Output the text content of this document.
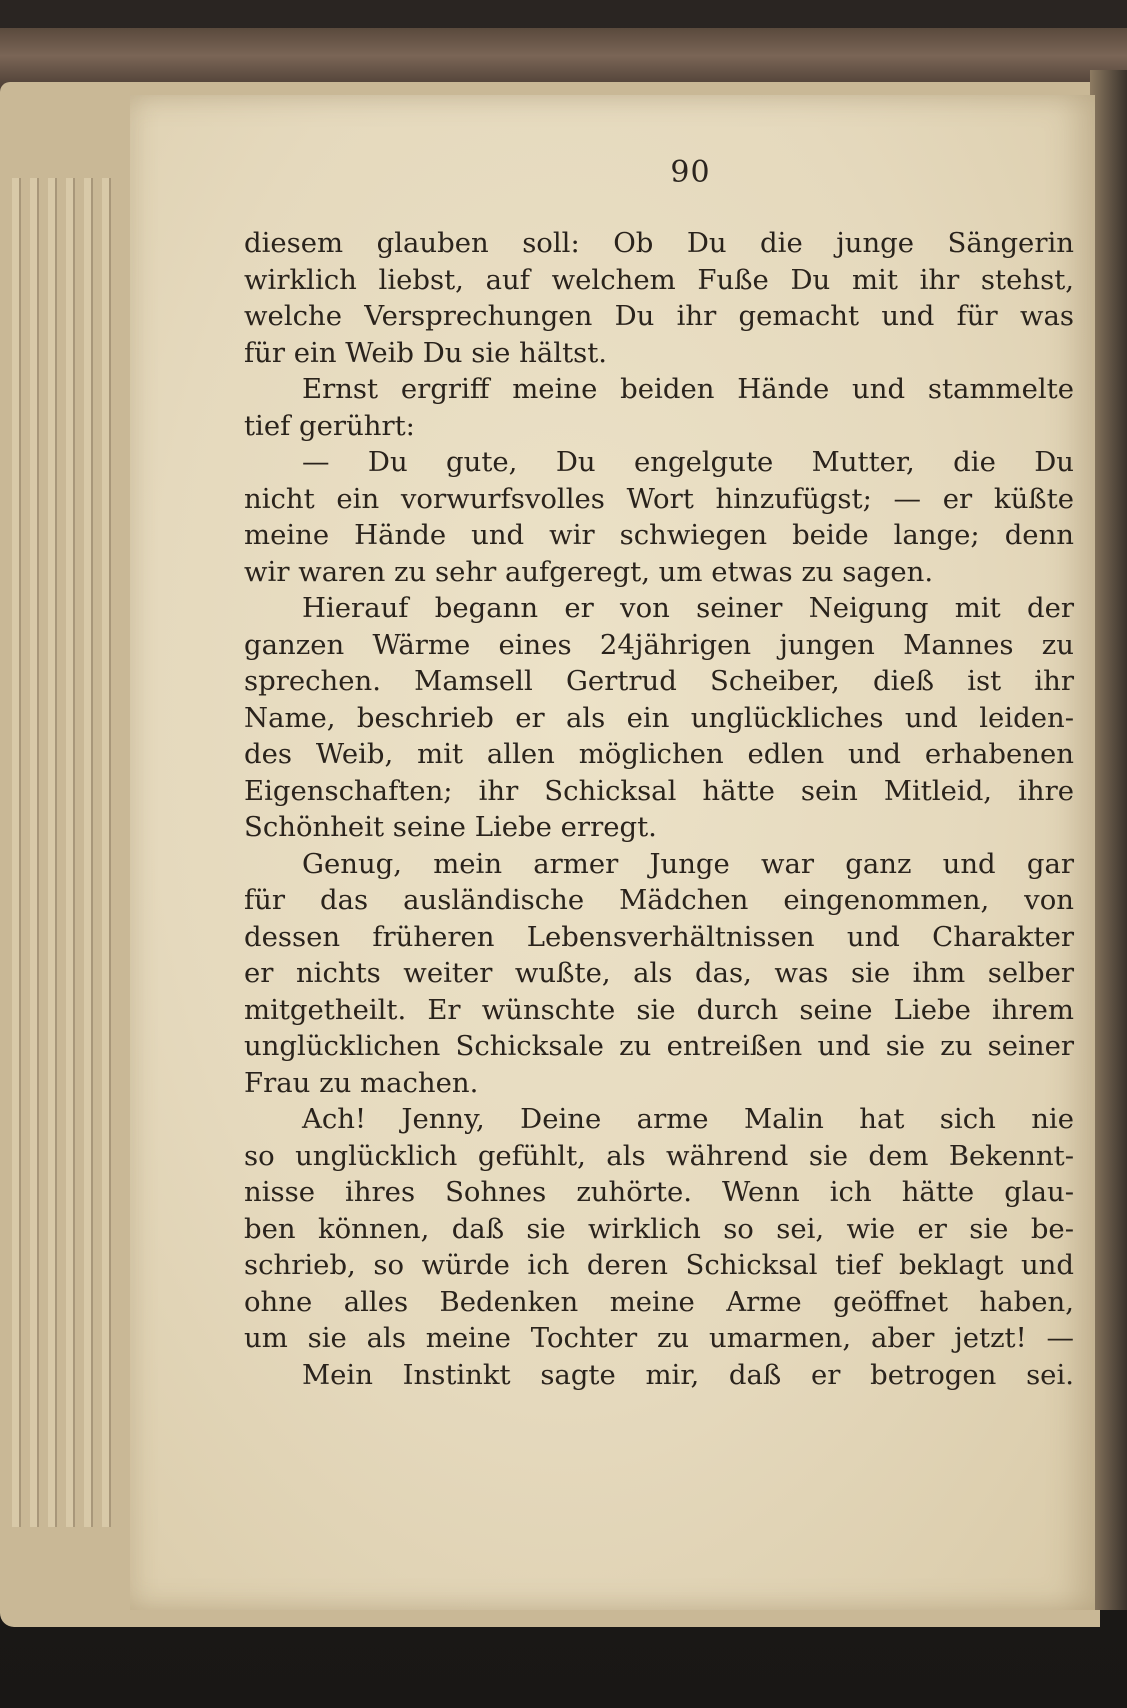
90
diesem glauben soll: Ob Du die junge Sängerin
wirklich liebst, auf welchem Fuße Du mit ihr stehst,
welche Versprechungen Du ihr gemacht und für was
für ein Weib Du sie hältst.
Ernst ergriff meine beiden Hände und stammelte
tief gerührt:
— Du gute, Du engelgute Mutter, die Du
nicht ein vorwurfsvolles Wort hinzufügst; — er küßte
meine Hände und wir schwiegen beide lange; denn
wir waren zu sehr aufgeregt, um etwas zu sagen.
Hierauf begann er von seiner Neigung mit der
ganzen Wärme eines 24jährigen jungen Mannes zu
sprechen. Mamsell Gertrud Scheiber, dieß ist ihr
Name, beschrieb er als ein unglückliches und leiden-
des Weib, mit allen möglichen edlen und erhabenen
Eigenschaften; ihr Schicksal hätte sein Mitleid, ihre
Schönheit seine Liebe erregt.
Genug, mein armer Junge war ganz und gar
für das ausländische Mädchen eingenommen, von
dessen früheren Lebensverhältnissen und Charakter
er nichts weiter wußte, als das, was sie ihm selber
mitgetheilt. Er wünschte sie durch seine Liebe ihrem
unglücklichen Schicksale zu entreißen und sie zu seiner
Frau zu machen.
Ach! Jenny, Deine arme Malin hat sich nie
so unglücklich gefühlt, als während sie dem Bekennt-
nisse ihres Sohnes zuhörte. Wenn ich hätte glau-
ben können, daß sie wirklich so sei, wie er sie be-
schrieb, so würde ich deren Schicksal tief beklagt und
ohne alles Bedenken meine Arme geöffnet haben,
um sie als meine Tochter zu umarmen, aber jetzt! —
Mein Instinkt sagte mir, daß er betrogen sei.
